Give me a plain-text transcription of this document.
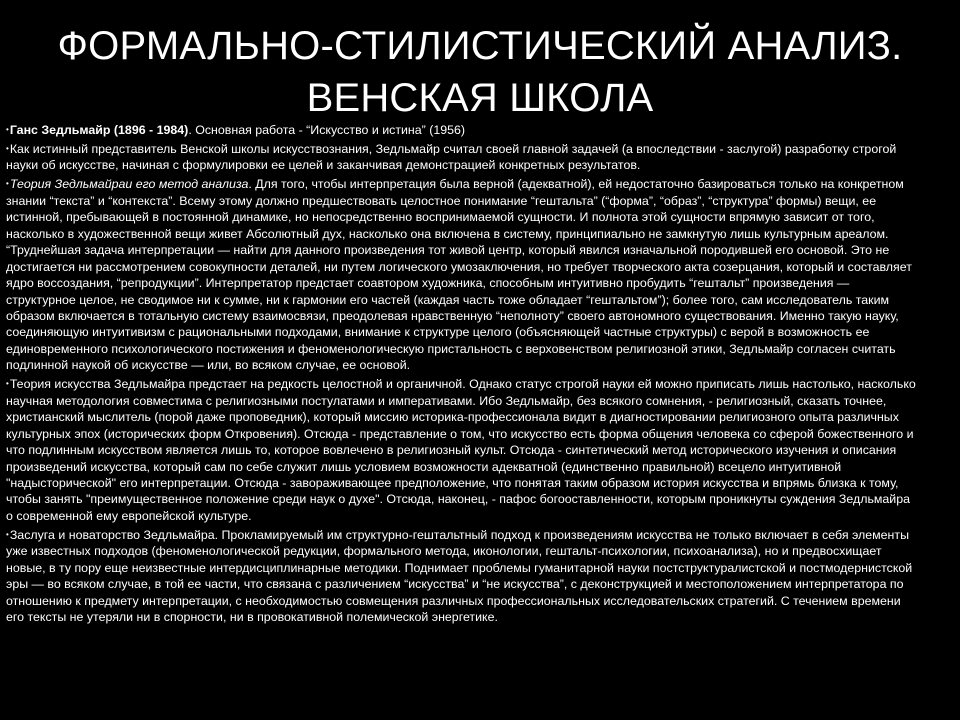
ФОРМАЛЬНО-СТИЛИСТИЧЕСКИЙ АНАЛИЗ.
ВЕНСКАЯ ШКОЛА

•Ганс Зедльмайр (1896 - 1984). Основная работа - “Искусство и истина” (1956)

•Как истинный представитель Венской школы искусствознания, Зедльмайр считал своей главной задачей (а впоследствии - заслугой) разработку строгой науки об искусстве, начиная с формулировки ее целей и заканчивая демонстрацией конкретных результатов.

•Теория Зедльмайраи его метод анализа. Для того, чтобы интерпретация была верной (адекватной), ей недостаточно базироваться только на конкретном знании “текста” и “контекста”. Всему этому должно предшествовать целостное понимание “гештальта” (“форма”, “образ”, “структура” формы) вещи, ее истинной, пребывающей в постоянной динамике, но непосредственно воспринимаемой сущности. И полнота этой сущности впрямую зависит от того, насколько в художественной вещи живет Абсолютный дух, насколько она включена в систему, принципиально не замкнутую лишь культурным ареалом. “Труднейшая задача интерпретации — найти для данного произведения тот живой центр, который явился изначальной породившей его основой. Это не достигается ни рассмотрением совокупности деталей, ни путем логического умозаключения, но требует творческого акта созерцания, который и составляет ядро воссоздания, “репродукции”. Интерпретатор предстает соавтором художника, способным интуитивно пробудить “гештальт” произведения — структурное целое, не сводимое ни к сумме, ни к гармонии его частей (каждая часть тоже обладает “гештальтом”); более того, сам исследователь таким образом включается в тотальную систему взаимосвязи, преодолевая нравственную “неполноту” своего автономного существования. Именно такую науку, соединяющую интуитивизм с рациональными подходами, внимание к структуре целого (объясняющей частные структуры) с верой в возможность ее единовременного психологического постижения и феноменологическую пристальность с верховенством религиозной этики, Зедльмайр согласен считать подлинной наукой об искусстве — или, во всяком случае, ее основой.

•Теория искусства Зедльмайра предстает на редкость целостной и органичной. Однако статус строгой науки ей можно приписать лишь настолько, насколько научная методология совместима с религиозными постулатами и императивами. Ибо Зедльмайр, без всякого сомнения, - религиозный, сказать точнее, христианский мыслитель (порой даже проповедник), который миссию историка-профессионала видит в диагностировании религиозного опыта различных культурных эпох (исторических форм Откровения). Отсюда - представление о том, что искусство есть форма общения человека со сферой божественного и что подлинным искусством является лишь то, которое вовлечено в религиозный культ. Отсюда - синтетический метод исторического изучения и описания произведений искусства, который сам по себе служит лишь условием возможности адекватной (единственно правильной) всецело интуитивной "надысторической" его интерпретации. Отсюда - завораживающее предположение, что понятая таким образом история искусства и впрямь близка к тому, чтобы занять "преимущественное положение среди наук о духе". Отсюда, наконец, - пафос богооставленности, которым проникнуты суждения Зедльмайра о современной ему европейской культуре.

•Заслуга и новаторство Зедльмайра. Прокламируемый им структурно-гештальтный подход к произведениям искусства не только включает в себя элементы уже известных подходов (феноменологической редукции, формального метода, иконологии, гештальт-психологии, психоанализа), но и предвосхищает новые, в ту пору еще неизвестные интердисциплинарные методики. Поднимает проблемы гуманитарной науки постструктуралистской и постмодернистской эры — во всяком случае, в той ее части, что связана с различением “искусства” и “не искусства”, с деконструкцией и местоположением интерпретатора по отношению к предмету интерпретации, с необходимостью совмещения различных профессиональных исследовательских стратегий. С течением времени его тексты не утеряли ни в спорности, ни в провокативной полемической энергетике.
